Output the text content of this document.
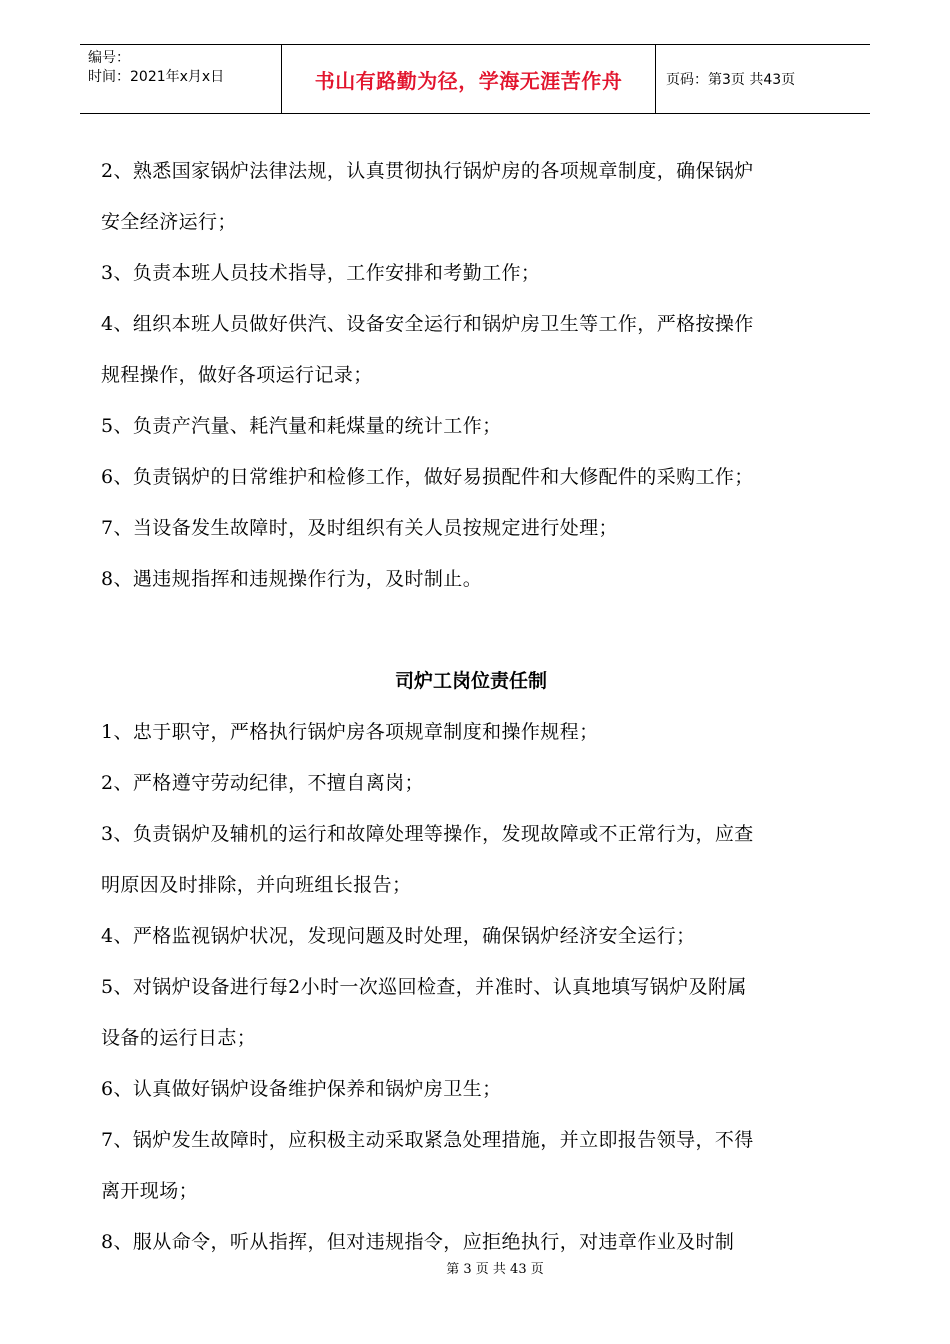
编号：
时间：2021年x月x日	书山有路勤为径，学海无涯苦作舟	页码：第3页 共43页

2、熟悉国家锅炉法律法规，认真贯彻执行锅炉房的各项规章制度，确保锅炉
安全经济运行；

3、负责本班人员技术指导，工作安排和考勤工作；

4、组织本班人员做好供汽、设备安全运行和锅炉房卫生等工作，严格按操作
规程操作，做好各项运行记录；

5、负责产汽量、耗汽量和耗煤量的统计工作；

6、负责锅炉的日常维护和检修工作，做好易损配件和大修配件的采购工作；

7、当设备发生故障时，及时组织有关人员按规定进行处理；

8、遇违规指挥和违规操作行为，及时制止。

司炉工岗位责任制

1、忠于职守，严格执行锅炉房各项规章制度和操作规程；

2、严格遵守劳动纪律，不擅自离岗；

3、负责锅炉及辅机的运行和故障处理等操作，发现故障或不正常行为，应查
明原因及时排除，并向班组长报告；

4、严格监视锅炉状况，发现问题及时处理，确保锅炉经济安全运行；

5、对锅炉设备进行每2小时一次巡回检查，并准时、认真地填写锅炉及附属
设备的运行日志；

6、认真做好锅炉设备维护保养和锅炉房卫生；

7、锅炉发生故障时，应积极主动采取紧急处理措施，并立即报告领导，不得
离开现场；

8、服从命令，听从指挥，但对违规指令，应拒绝执行，对违章作业及时制

第 3 页 共 43 页
